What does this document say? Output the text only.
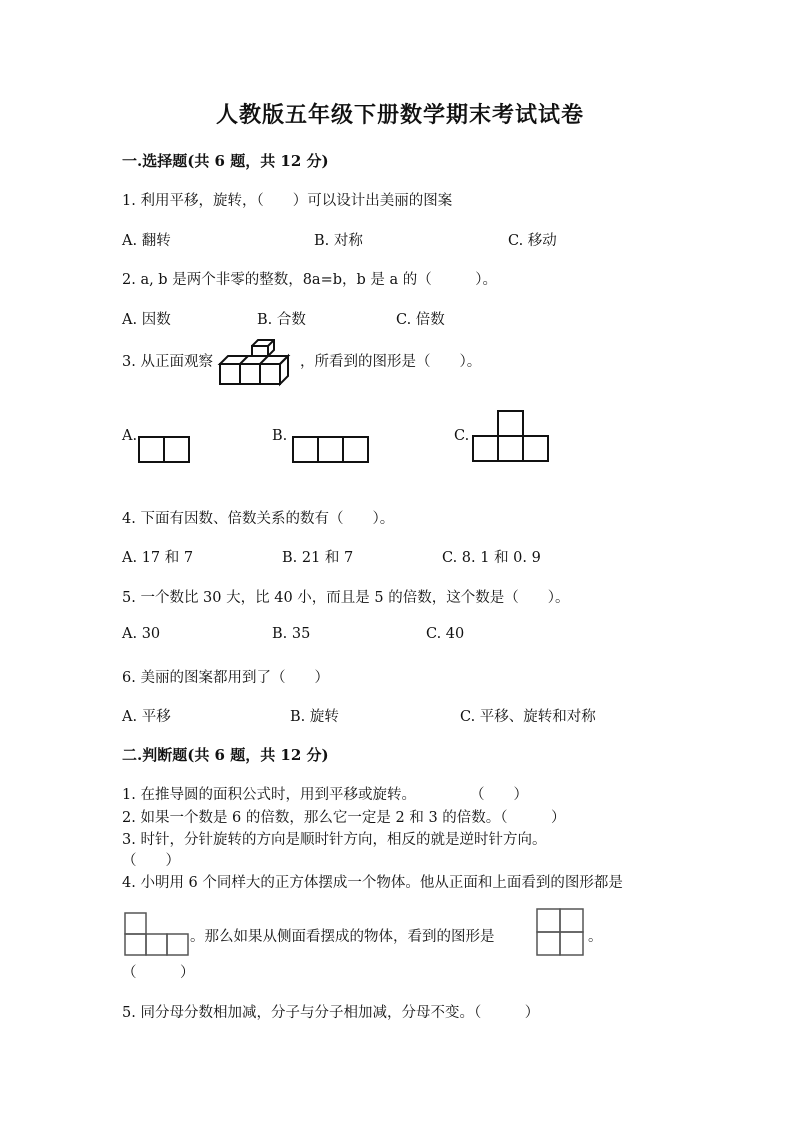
人教版五年级下册数学期末考试试卷
一.选择题(共 6 题，共 12 分)
1. 利用平移，旋转，（　　）可以设计出美丽的图案
A. 翻转	B. 对称	C. 移动
2. a, b 是两个非零的整数，8a=b，b 是 a 的（　　　）。
A. 因数	B. 合数	C. 倍数
3. 从正面观察	，所看到的图形是（　　）。
A.	B.	C.
4. 下面有因数、倍数关系的数有（　　）。
A. 17 和 7	B. 21 和 7	C. 8. 1 和 0. 9
5. 一个数比 30 大，比 40 小，而且是 5 的倍数，这个数是（　　）。
A. 30	B. 35	C. 40
6. 美丽的图案都用到了（　　）
A. 平移	B. 旋转	C. 平移、旋转和对称
二.判断题(共 6 题，共 12 分)
1. 在推导圆的面积公式时，用到平移或旋转。	（　　）
2. 如果一个数是 6 的倍数，那么它一定是 2 和 3 的倍数。（　　　）
3. 时针，分针旋转的方向是顺时针方向，相反的就是逆时针方向。
（　　）
4. 小明用 6 个同样大的正方体摆成一个物体。他从正面和上面看到的图形都是
。那么如果从侧面看摆成的物体，看到的图形是	。
（　　　）
5. 同分母分数相加减，分子与分子相加减，分母不变。（　　　）
